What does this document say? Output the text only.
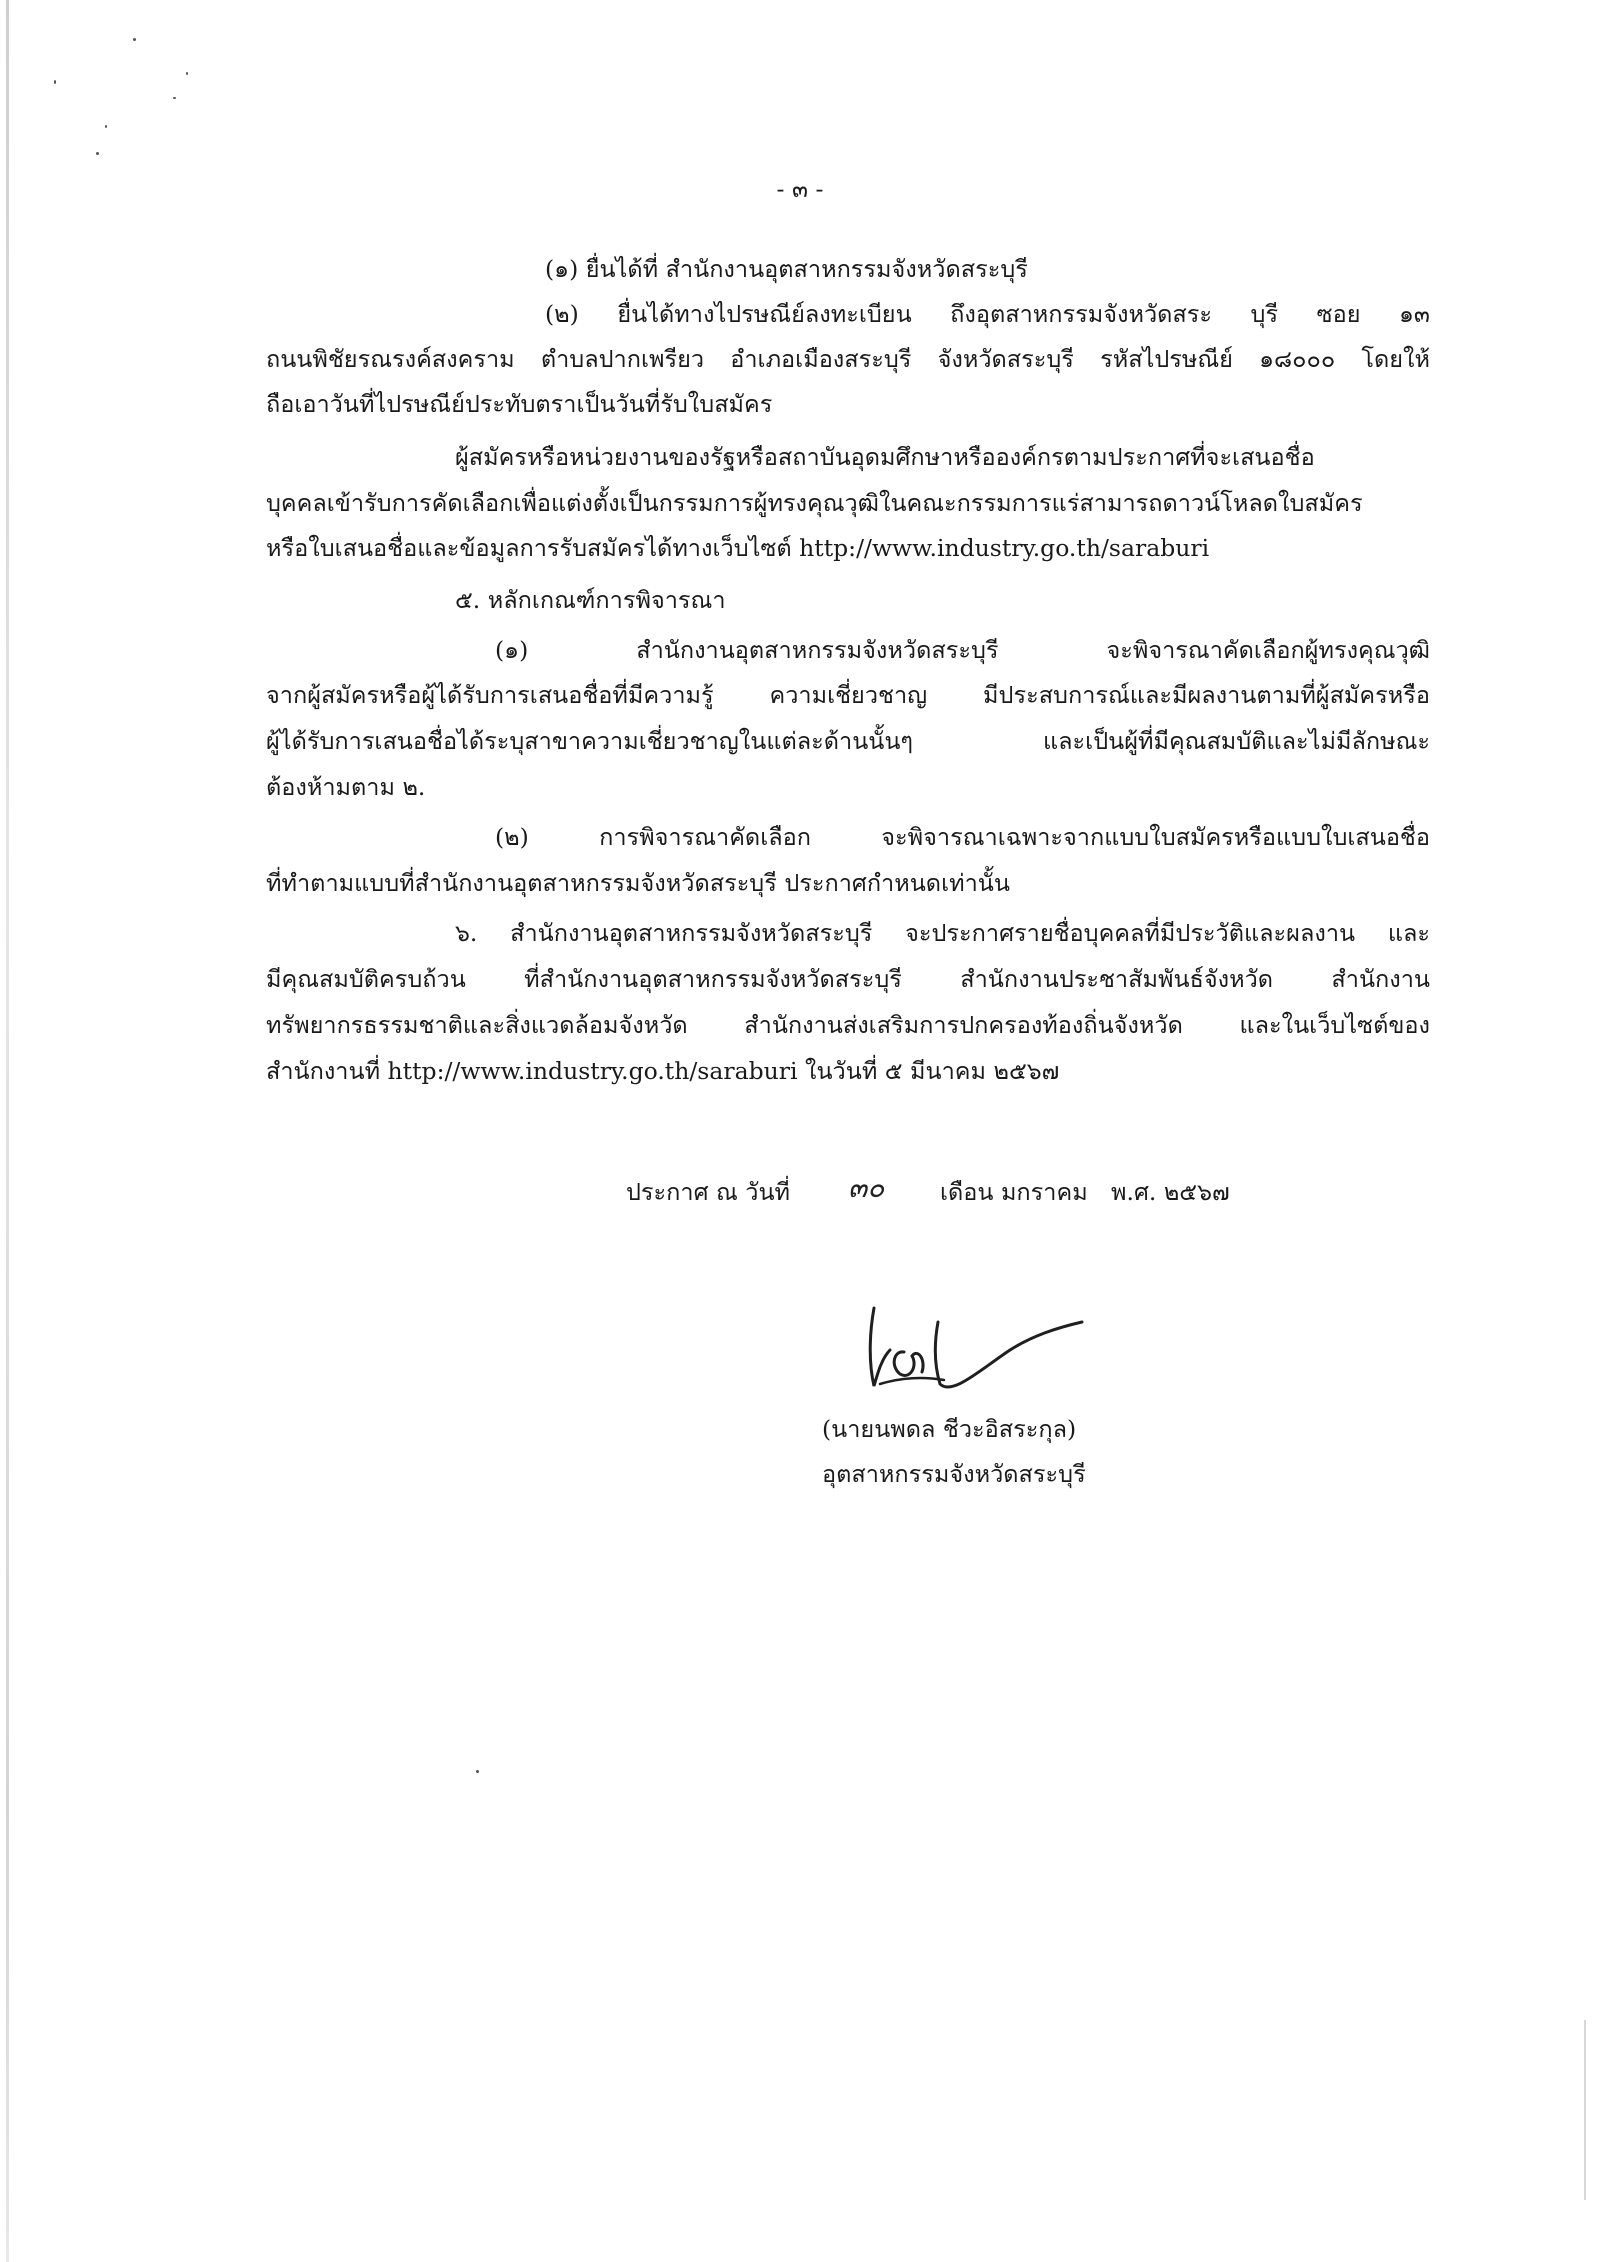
- ๓ -

(๑) ยื่นได้ที่ สำนักงานอุตสาหกรรมจังหวัดสระบุรี

(๒) ยื่นได้ทางไปรษณีย์ลงทะเบียน ถึงอุตสาหกรรมจังหวัดสระ บุรี ซอย ๑๓

ถนนพิชัยรณรงค์สงคราม ตำบลปากเพรียว อำเภอเมืองสระบุรี จังหวัดสระบุรี รหัสไปรษณีย์ ๑๘๐๐๐ โดยให้

ถือเอาวันที่ไปรษณีย์ประทับตราเป็นวันที่รับใบสมัคร

ผู้สมัครหรือหน่วยงานของรัฐหรือสถาบันอุดมศึกษาหรือองค์กรตามประกาศที่จะเสนอชื่อ

บุคคลเข้ารับการคัดเลือกเพื่อแต่งตั้งเป็นกรรมการผู้ทรงคุณวุฒิในคณะกรรมการแร่สามารถดาวน์โหลดใบสมัคร

หรือใบเสนอชื่อและข้อมูลการรับสมัครได้ทางเว็บไซต์ http://www.industry.go.th/saraburi

๕. หลักเกณฑ์การพิจารณา

(๑) สำนักงานอุตสาหกรรมจังหวัดสระบุรี จะพิจารณาคัดเลือกผู้ทรงคุณวุฒิ

จากผู้สมัครหรือผู้ได้รับการเสนอชื่อที่มีความรู้ ความเชี่ยวชาญ มีประสบการณ์และมีผลงานตามที่ผู้สมัครหรือ

ผู้ได้รับการเสนอชื่อได้ระบุสาขาความเชี่ยวชาญในแต่ละด้านนั้นๆ และเป็นผู้ที่มีคุณสมบัติและไม่มีลักษณะ

ต้องห้ามตาม ๒.

(๒) การพิจารณาคัดเลือก จะพิจารณาเฉพาะจากแบบใบสมัครหรือแบบใบเสนอชื่อ

ที่ทำตามแบบที่สำนักงานอุตสาหกรรมจังหวัดสระบุรี ประกาศกำหนดเท่านั้น

๖. สำนักงานอุตสาหกรรมจังหวัดสระบุรี จะประกาศรายชื่อบุคคลที่มีประวัติและผลงาน และ

มีคุณสมบัติครบถ้วน ที่สำนักงานอุตสาหกรรมจังหวัดสระบุรี สำนักงานประชาสัมพันธ์จังหวัด สำนักงาน

ทรัพยากรธรรมชาติและสิ่งแวดล้อมจังหวัด สำนักงานส่งเสริมการปกครองท้องถิ่นจังหวัด และในเว็บไซต์ของ

สำนักงานที่ http://www.industry.go.th/saraburi ในวันที่ ๕ มีนาคม ๒๕๖๗

ประกาศ ณ วันที่ ๓๐ เดือน มกราคม พ.ศ. ๒๕๖๗

(นายนพดล ชีวะอิสระกุล)

อุตสาหกรรมจังหวัดสระบุรี
